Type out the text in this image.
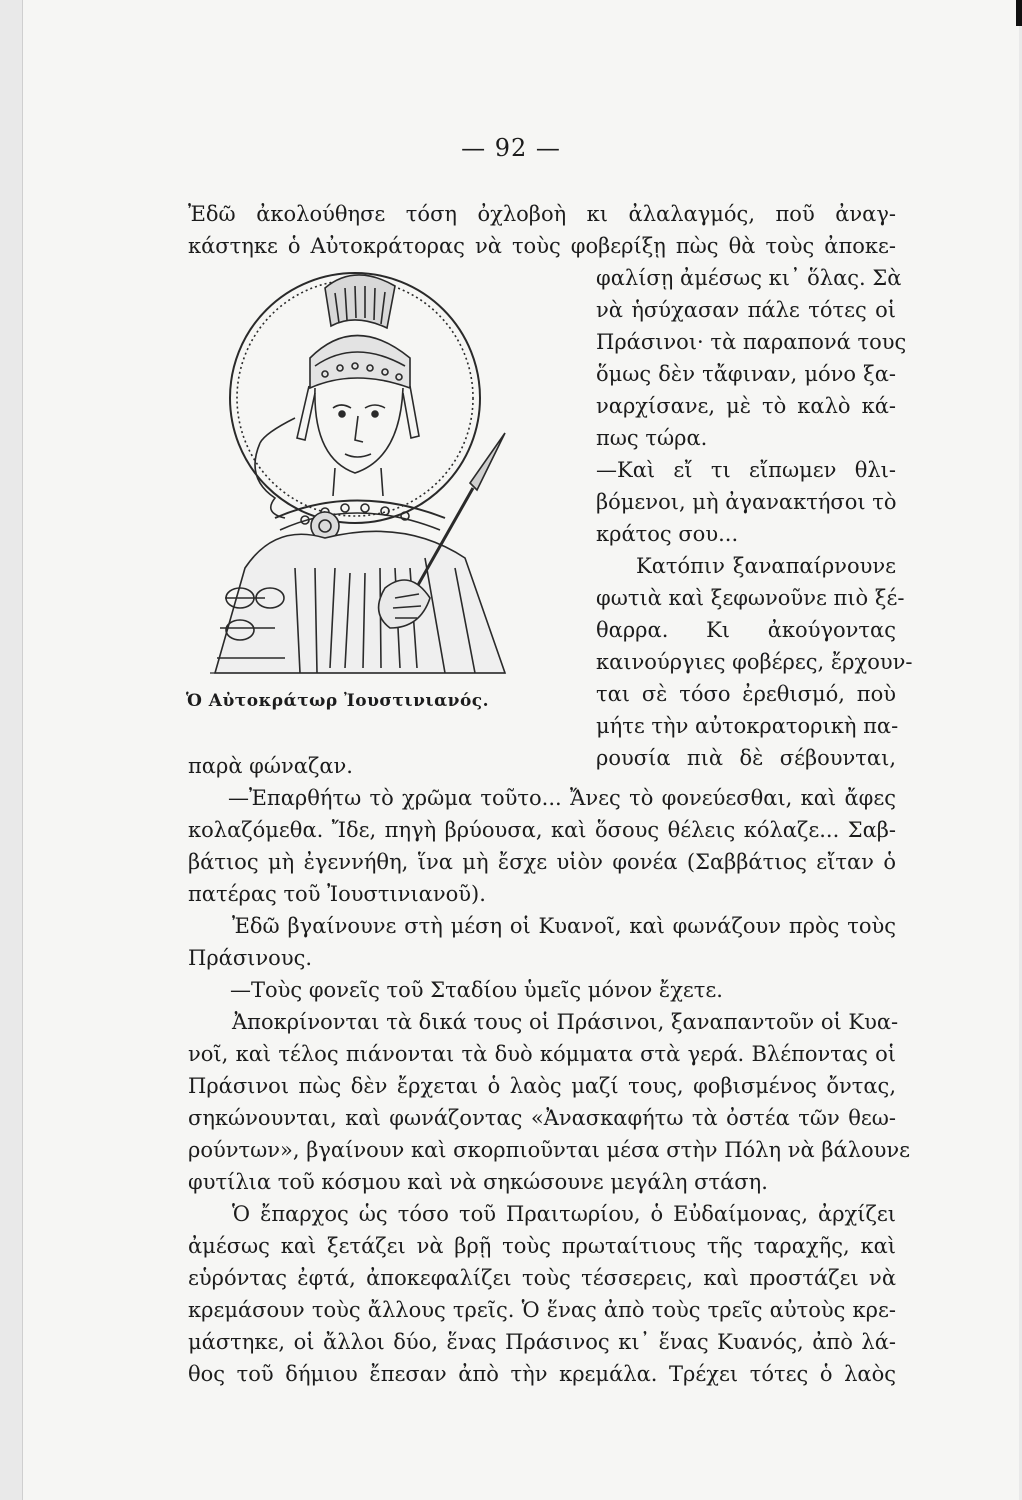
— 92 —
Ὁ Αὐτοκράτωρ Ἰουστινιανός.
Ἐδῶ ἀκολούθησε τόση ὀχλοβοὴ κι ἀλαλαγμός, ποῦ ἀναγ-
κάστηκε ὁ Αὐτοκράτορας νὰ τοὺς φοβερίξῃ πὼς θὰ τοὺς ἀποκε-
φαλίσῃ ἀμέσως κι᾽ ὅλας. Σὰ
νὰ ἡσύχασαν πάλε τότες οἱ
Πράσινοι· τὰ παραπονά τους
ὅμως δὲν τἄφιναν, μόνο ξα-
ναρχίσανε, μὲ τὸ καλὸ κά-
πως τώρα.
—Καὶ εἴ τι εἴπωμεν θλι-
βόμενοι, μὴ ἀγανακτήσοι τὸ
κράτος σου...
Κατόπιν ξαναπαίρνουνε
φωτιὰ καὶ ξεφωνοῦνε πιὸ ξέ-
θαρρα. Κι ἀκούγοντας
καινούργιες φοβέρες, ἔρχουν-
ται σὲ τόσο ἐρεθισμό, ποὺ
μήτε τὴν αὐτοκρατορικὴ πα-
ρουσία πιὰ δὲ σέβουνται,
παρὰ φώναζαν.
—Ἐπαρθήτω τὸ χρῶμα τοῦτο... Ἄνες τὸ φονεύεσθαι, καὶ ἄφες
κολαζόμεθα. Ἴδε, πηγὴ βρύουσα, καὶ ὅσους θέλεις κόλαζε... Σαβ-
βάτιος μὴ ἐγεννήθη, ἵνα μὴ ἔσχε υἱὸν φονέα (Σαββάτιος εἴταν ὁ
πατέρας τοῦ Ἰουστινιανοῦ).
Ἐδῶ βγαίνουνε στὴ μέση οἱ Κυανοῖ, καὶ φωνάζουν πρὸς τοὺς
Πράσινους.
—Τοὺς φονεῖς τοῦ Σταδίου ὑμεῖς μόνον ἔχετε.
Ἀποκρίνονται τὰ δικά τους οἱ Πράσινοι, ξαναπαντοῦν οἱ Κυα-
νοῖ, καὶ τέλος πιάνονται τὰ δυὸ κόμματα στὰ γερά. Βλέποντας οἱ
Πράσινοι πὼς δὲν ἔρχεται ὁ λαὸς μαζί τους, φοβισμένος ὄντας,
σηκώνουνται, καὶ φωνάζοντας «Ἀνασκαφήτω τὰ ὀστέα τῶν θεω-
ρούντων», βγαίνουν καὶ σκορπιοῦνται μέσα στὴν Πόλη νὰ βάλουνε
φυτίλια τοῦ κόσμου καὶ νὰ σηκώσουνε μεγάλη στάση.
Ὁ ἔπαρχος ὡς τόσο τοῦ Πραιτωρίου, ὁ Εὐδαίμονας, ἀρχίζει
ἀμέσως καὶ ξετάζει νὰ βρῇ τοὺς πρωταίτιους τῆς ταραχῆς, καὶ
εὑρόντας ἐφτά, ἀποκεφαλίζει τοὺς τέσσερεις, καὶ προστάζει νὰ
κρεμάσουν τοὺς ἄλλους τρεῖς. Ὁ ἕνας ἀπὸ τοὺς τρεῖς αὐτοὺς κρε-
μάστηκε, οἱ ἄλλοι δύο, ἕνας Πράσινος κι᾽ ἕνας Κυανός, ἀπὸ λά-
θος τοῦ δήμιου ἔπεσαν ἀπὸ τὴν κρεμάλα. Τρέχει τότες ὁ λαὸς
